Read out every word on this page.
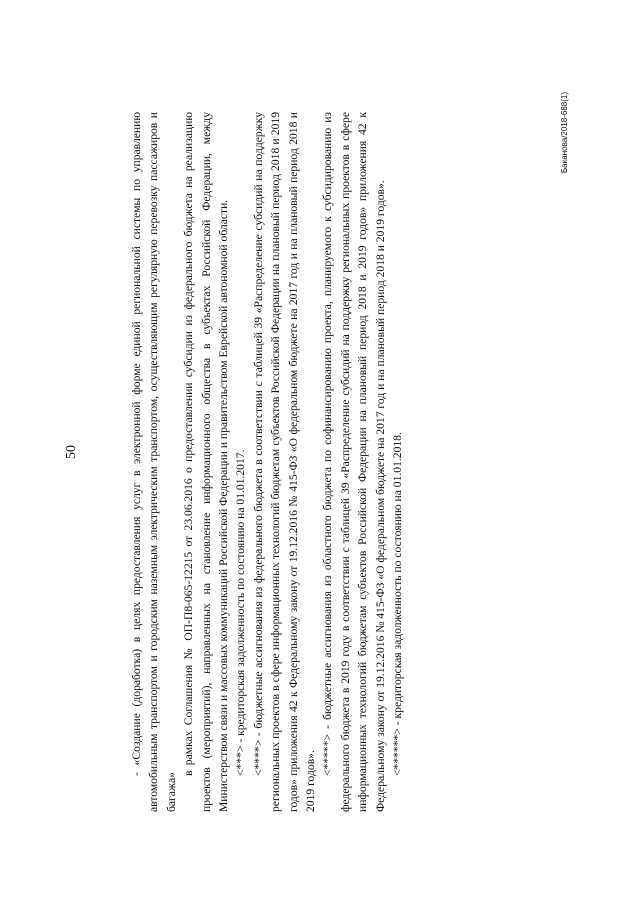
50	- «Создание (доработка) в целях предоставления услуг в электронной форме единой региональной системы по управлению автомобильным транспортом и городским наземным электрическим транспортом, осуществляющим регулярную перевозку пассажиров и багажа»

в рамках Соглашения № ОП-П8-065-12215 от 23.06.2016 о предоставлении субсидии из федерального бюджета на реализацию проектов (мероприятий), направленных на становление информационного общества в субъектах Российской Федерации, между Министерством связи и массовых коммуникаций Российской Федерации и правительством Еврейской автономной области. <***> - кредиторская задолженность по состоянию на 01.01.2017. <****> - бюджетные ассигнования из федерального бюджета в соответствии с таблицей 39 «Распределение субсидий на поддержку региональных проектов в сфере информационных технологий бюджетам субъектов Российской Федерации на плановый период 2018 и 2019 годов» приложения 42 к Федеральному закону от 19.12.2016 № 415-ФЗ «О федеральном бюджете на 2017 год и на плановый период 2018 и 2019 годов».

<*****> - бюджетные ассигнования из областного бюджета по софинансированию проекта, планируемого к субсидированию из федерального бюджета в 2019 году в соответствии с таблицей 39 «Распределение субсидий на поддержку региональных проектов в сфере информационных технологий бюджетам субъектов Российской Федерации на плановый период 2018 и 2019 годов» приложения 42 к Федеральному закону от 19.12.2016 № 415-ФЗ «О федеральном бюджете на 2017 год и на плановый период 2018 и 2019 годов». <******> - кредиторская задолженность по состоянию на 01.01.2018.

Баканова/2018-688(1)
